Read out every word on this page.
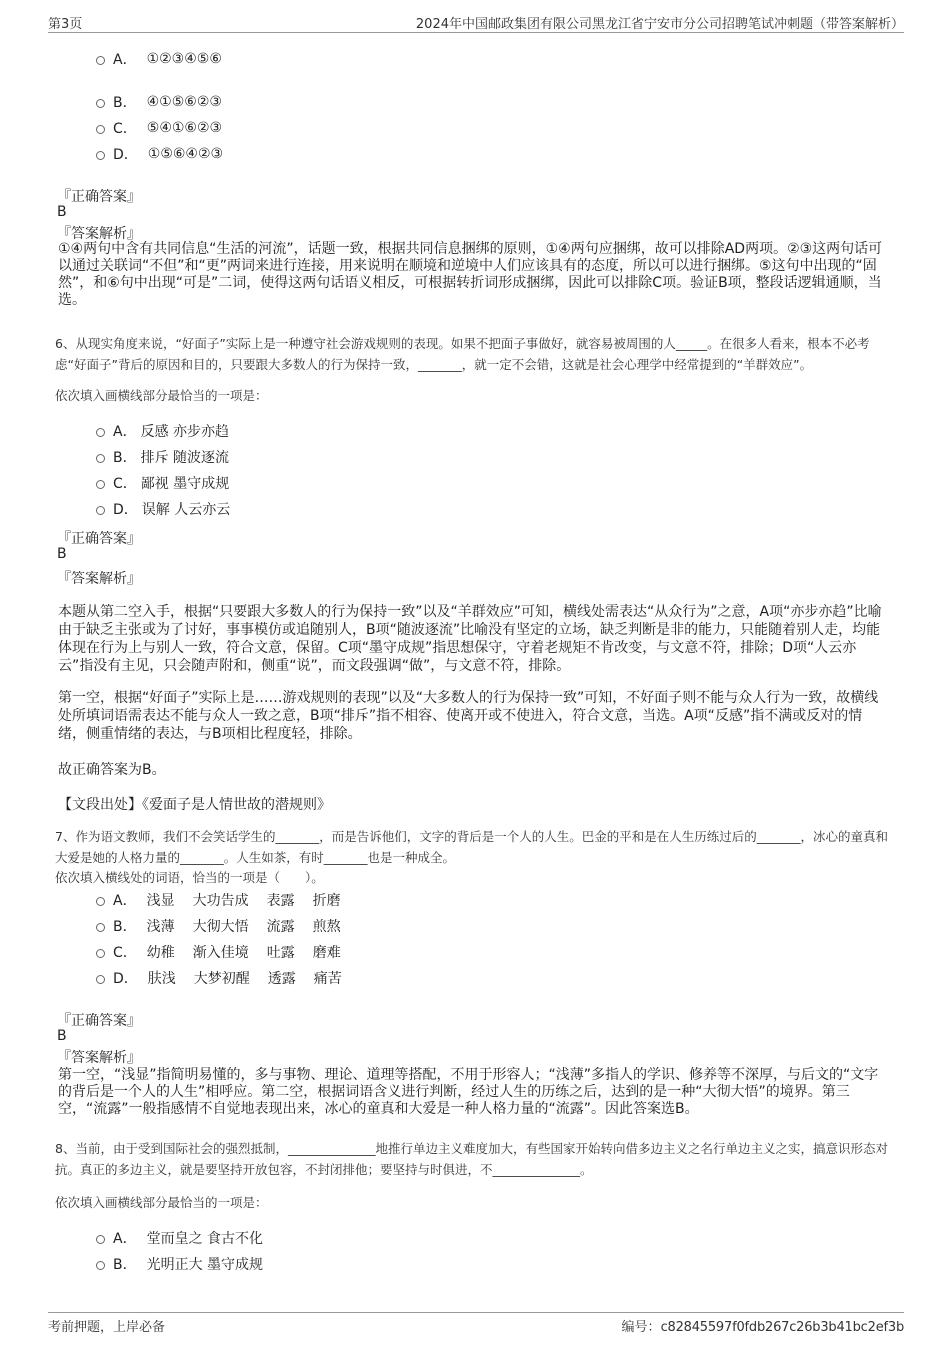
第3页	2024年中国邮政集团有限公司黑龙江省宁安市分公司招聘笔试冲刺题（带答案解析）
A． ①②③④⑤⑥
B． ④①⑤⑥②③
C． ⑤④①⑥②③
D． ①⑤⑥④②③
『正确答案』
B
『答案解析』
①④两句中含有共同信息“生活的河流”，话题一致，根据共同信息捆绑的原则，①④两句应捆绑，故可以排除AD两项。②③这两句话可以通过关联词“不但”和“更”两词来进行连接，用来说明在顺境和逆境中人们应该具有的态度，所以可以进行捆绑。⑤这句中出现的“固然”，和⑥句中出现“可是”二词，使得这两句话语义相反，可根据转折词形成捆绑，因此可以排除C项。验证B项，整段话逻辑通顺，当选。
6、从现实角度来说，“好面子”实际上是一种遵守社会游戏规则的表现。如果不把面子事做好，就容易被周围的人_____。在很多人看来，根本不必考虑“好面子”背后的原因和目的，只要跟大多数人的行为保持一致，_______，就一定不会错，这就是社会心理学中经常提到的“羊群效应”。
依次填入画横线部分最恰当的一项是：
A． 反感 亦步亦趋
B． 排斥 随波逐流
C． 鄙视 墨守成规
D． 误解 人云亦云
『正确答案』
B
『答案解析』
本题从第二空入手，根据“只要跟大多数人的行为保持一致”以及“羊群效应”可知，横线处需表达“从众行为”之意，A项“亦步亦趋”比喻由于缺乏主张或为了讨好，事事模仿或追随别人，B项“随波逐流”比喻没有坚定的立场，缺乏判断是非的能力，只能随着别人走，均能体现在行为上与别人一致，符合文意，保留。C项“墨守成规”指思想保守，守着老规矩不肯改变，与文意不符，排除；D项“人云亦云”指没有主见，只会随声附和，侧重“说”，而文段强调“做”，与文意不符，排除。
第一空，根据“好面子”实际上是……游戏规则的表现”以及“大多数人的行为保持一致”可知，不好面子则不能与众人行为一致，故横线处所填词语需表达不能与众人一致之意，B项“排斥”指不相容、使离开或不使进入，符合文意，当选。A项“反感”指不满或反对的情绪，侧重情绪的表达，与B项相比程度轻，排除。
故正确答案为B。
【文段出处】《爱面子是人情世故的潜规则》
7、作为语文教师，我们不会笑话学生的_______，而是告诉他们，文字的背后是一个人的人生。巴金的平和是在人生历练过后的_______，冰心的童真和大爱是她的人格力量的_______。人生如茶，有时_______也是一种成全。
依次填入横线处的词语，恰当的一项是（　　）。
A． 浅显 大功告成 表露 折磨
B． 浅薄 大彻大悟 流露 煎熬
C． 幼稚 渐入佳境 吐露 磨难
D． 肤浅 大梦初醒 透露 痛苦
『正确答案』
B
『答案解析』
第一空，“浅显”指简明易懂的，多与事物、理论、道理等搭配，不用于形容人；“浅薄”多指人的学识、修养等不深厚，与后文的“文字的背后是一个人的人生”相呼应。第二空，根据词语含义进行判断，经过人生的历练之后，达到的是一种“大彻大悟”的境界。第三空，“流露”一般指感情不自觉地表现出来，冰心的童真和大爱是一种人格力量的“流露”。因此答案选B。
8、当前，由于受到国际社会的强烈抵制，______________地推行单边主义难度加大，有些国家开始转向借多边主义之名行单边主义之实，搞意识形态对抗。真正的多边主义，就是要坚持开放包容，不封闭排他；要坚持与时俱进，不______________。
依次填入画横线部分最恰当的一项是：
A． 堂而皇之 食古不化
B． 光明正大 墨守成规
考前押题，上岸必备	编号：c82845597f0fdb267c26b3b41bc2ef3b
